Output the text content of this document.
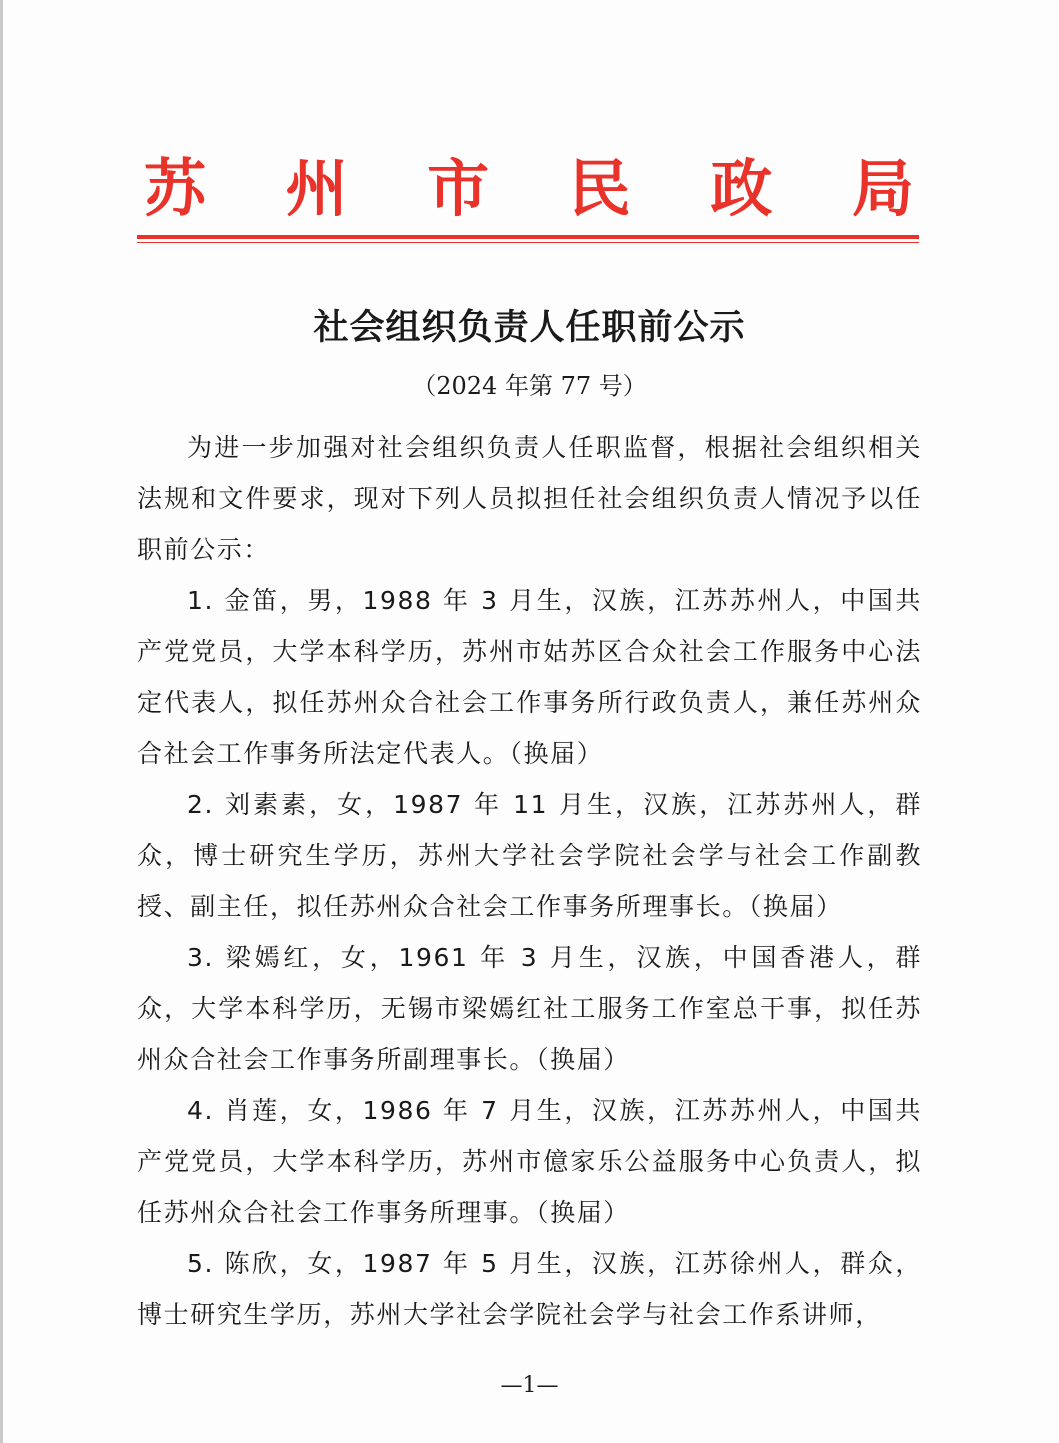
苏 州 市 民 政 局
社会组织负责人任职前公示
（2024 年第 77 号）

为进一步加强对社会组织负责人任职监督，根据社会组织相关法规和文件要求，现对下列人员拟担任社会组织负责人情况予以任职前公示：

1. 金笛，男，1988 年 3 月生，汉族，江苏苏州人，中国共产党党员，大学本科学历，苏州市姑苏区合众社会工作服务中心法定代表人，拟任苏州众合社会工作事务所行政负责人，兼任苏州众合社会工作事务所法定代表人。（换届）

2. 刘素素，女，1987 年 11 月生，汉族，江苏苏州人，群众，博士研究生学历，苏州大学社会学院社会学与社会工作副教授、副主任，拟任苏州众合社会工作事务所理事长。（换届）

3. 梁嫣红，女，1961 年 3 月生，汉族，中国香港人，群众，大学本科学历，无锡市梁嫣红社工服务工作室总干事，拟任苏州众合社会工作事务所副理事长。（换届）

4. 肖莲，女，1986 年 7 月生，汉族，江苏苏州人，中国共产党党员，大学本科学历，苏州市億家乐公益服务中心负责人，拟任苏州众合社会工作事务所理事。（换届）

5. 陈欣，女，1987 年 5 月生，汉族，江苏徐州人，群众，博士研究生学历，苏州大学社会学院社会学与社会工作系讲师，

—1—
